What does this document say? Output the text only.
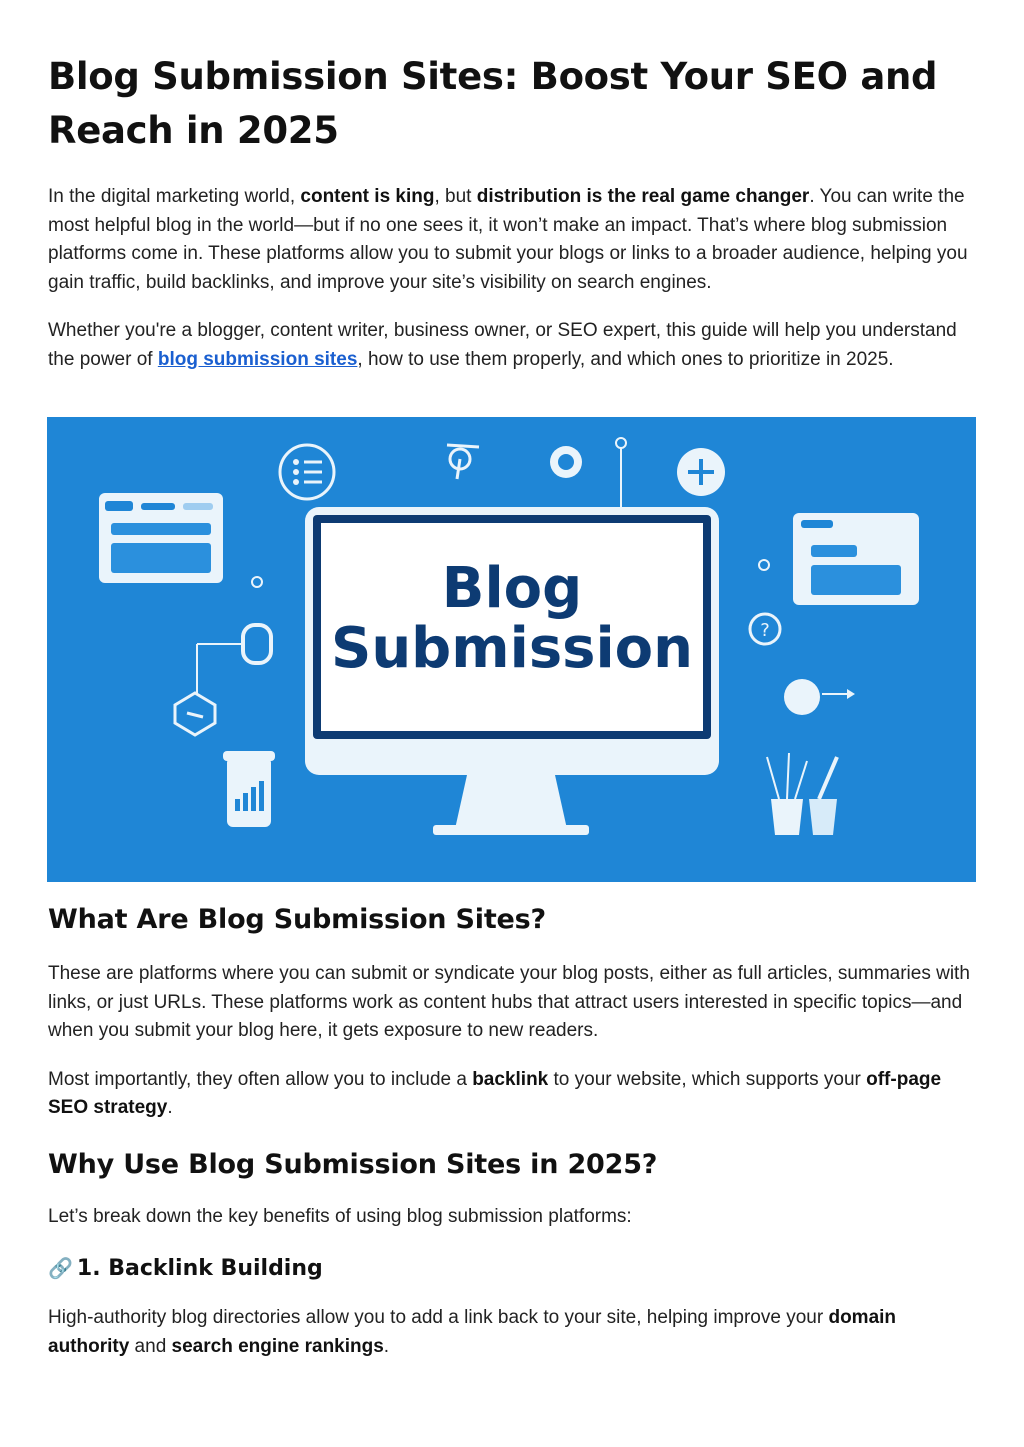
Blog Submission Sites: Boost Your SEO and Reach in 2025

In the digital marketing world, content is king, but distribution is the real game changer. You can write the most helpful blog in the world—but if no one sees it, it won’t make an impact. That’s where blog submission platforms come in. These platforms allow you to submit your blogs or links to a broader audience, helping you gain traffic, build backlinks, and improve your site’s visibility on search engines.

Whether you're a blogger, content writer, business owner, or SEO expert, this guide will help you understand the power of blog submission sites, how to use them properly, and which ones to prioritize in 2025.

Blog
Submission	?
What Are Blog Submission Sites?

These are platforms where you can submit or syndicate your blog posts, either as full articles, summaries with links, or just URLs. These platforms work as content hubs that attract users interested in specific topics—and when you submit your blog here, it gets exposure to new readers.

Most importantly, they often allow you to include a backlink to your website, which supports your off-page SEO strategy.

Why Use Blog Submission Sites in 2025?

Let’s break down the key benefits of using blog submission platforms:

🔗 1. Backlink Building

High-authority blog directories allow you to add a link back to your site, helping improve your domain authority and search engine rankings.
